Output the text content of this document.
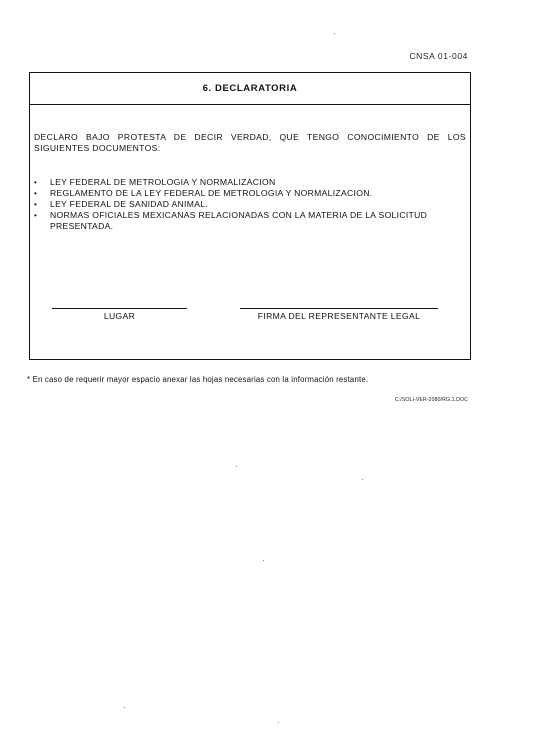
CNSA 01-004
6. DECLARATORIA

DECLARO BAJO PROTESTA DE DECIR VERDAD, QUE TENGO CONOCIMIENTO DE LOS SIGUIENTES DOCUMENTOS:

• LEY FEDERAL DE METROLOGIA Y NORMALIZACION
• REGLAMENTO DE LA LEY FEDERAL DE METROLOGIA Y NORMALIZACION.
• LEY FEDERAL DE SANIDAD ANIMAL.
• NORMAS OFICIALES MEXICANAS RELACIONADAS CON LA MATERIA DE LA SOLICITUD PRESENTADA.
LUGAR	FIRMA DEL REPRESENTANTE LEGAL
* En caso de requerir mayor espacio anexar las hojas necesarias con la información restante.
C:/SOLI-VER-2080/RG.1.DOC
